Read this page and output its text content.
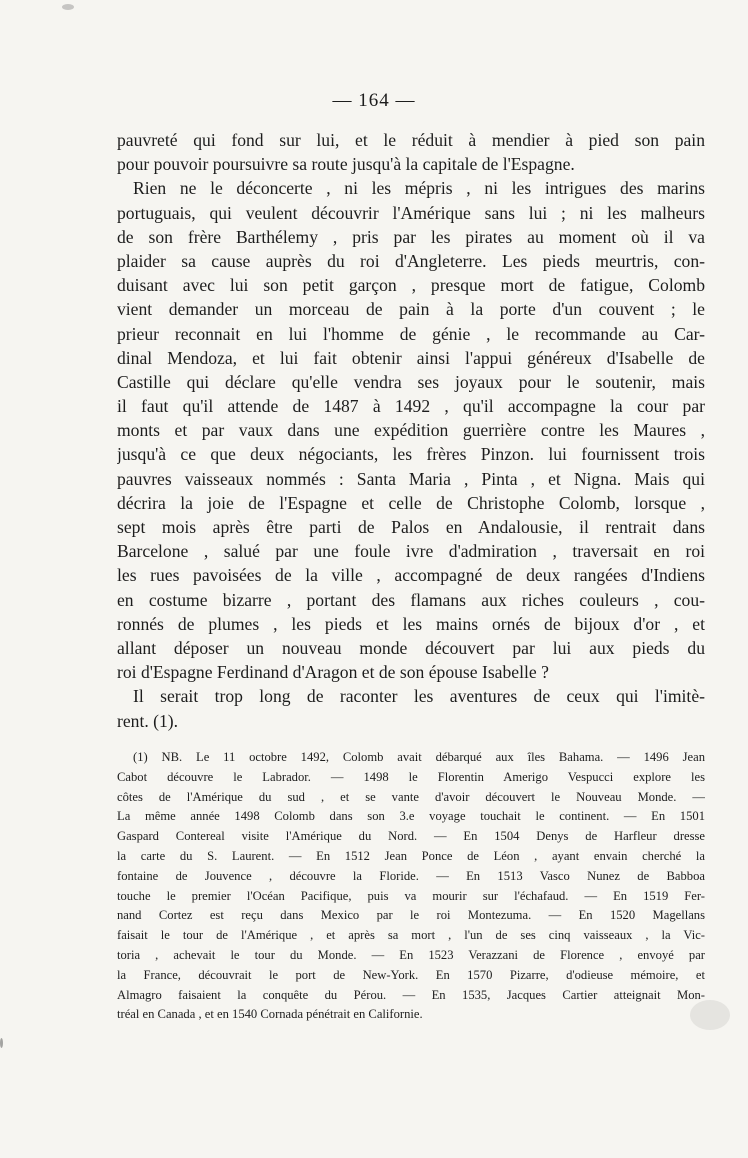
— 164 —
pauvreté qui fond sur lui, et le réduit à mendier à pied son pain
pour pouvoir poursuivre sa route jusqu'à la capitale de l'Espagne.
Rien ne le déconcerte , ni les mépris , ni les intrigues des marins
portuguais, qui veulent découvrir l'Amérique sans lui ; ni les malheurs
de son frère Barthélemy , pris par les pirates au moment où il va
plaider sa cause auprès du roi d'Angleterre. Les pieds meurtris, con-
duisant avec lui son petit garçon , presque mort de fatigue, Colomb
vient demander un morceau de pain à la porte d'un couvent ; le
prieur reconnait en lui l'homme de génie , le recommande au Car-
dinal Mendoza, et lui fait obtenir ainsi l'appui généreux d'Isabelle de
Castille qui déclare qu'elle vendra ses joyaux pour le soutenir, mais
il faut qu'il attende de 1487 à 1492 , qu'il accompagne la cour par
monts et par vaux dans une expédition guerrière contre les Maures ,
jusqu'à ce que deux négociants, les frères Pinzon. lui fournissent trois
pauvres vaisseaux nommés : Santa Maria , Pinta , et Nigna. Mais qui
décrira la joie de l'Espagne et celle de Christophe Colomb, lorsque ,
sept mois après être parti de Palos en Andalousie, il rentrait dans
Barcelone , salué par une foule ivre d'admiration , traversait en roi
les rues pavoisées de la ville , accompagné de deux rangées d'Indiens
en costume bizarre , portant des flamans aux riches couleurs , cou-
ronnés de plumes , les pieds et les mains ornés de bijoux d'or , et
allant déposer un nouveau monde découvert par lui aux pieds du
roi d'Espagne Ferdinand d'Aragon et de son épouse Isabelle ?
Il serait trop long de raconter les aventures de ceux qui l'imitè-
rent. (1).
(1) NB. Le 11 octobre 1492, Colomb avait débarqué aux îles Bahama. — 1496 Jean
Cabot découvre le Labrador. — 1498 le Florentin Amerigo Vespucci explore les
côtes de l'Amérique du sud , et se vante d'avoir découvert le Nouveau Monde. —
La même année 1498 Colomb dans son 3.e voyage touchait le continent. — En 1501
Gaspard Contereal visite l'Amérique du Nord. — En 1504 Denys de Harfleur dresse
la carte du S. Laurent. — En 1512 Jean Ponce de Léon , ayant envain cherché la
fontaine de Jouvence , découvre la Floride. — En 1513 Vasco Nunez de Babboa
touche le premier l'Océan Pacifique, puis va mourir sur l'échafaud. — En 1519 Fer-
nand Cortez est reçu dans Mexico par le roi Montezuma. — En 1520 Magellans
faisait le tour de l'Amérique , et après sa mort , l'un de ses cinq vaisseaux , la Vic-
toria , achevait le tour du Monde. — En 1523 Verazzani de Florence , envoyé par
la France, découvrait le port de New-York. En 1570 Pizarre, d'odieuse mémoire, et
Almagro faisaient la conquête du Pérou. — En 1535, Jacques Cartier atteignait Mon-
tréal en Canada , et en 1540 Cornada pénétrait en Californie.
